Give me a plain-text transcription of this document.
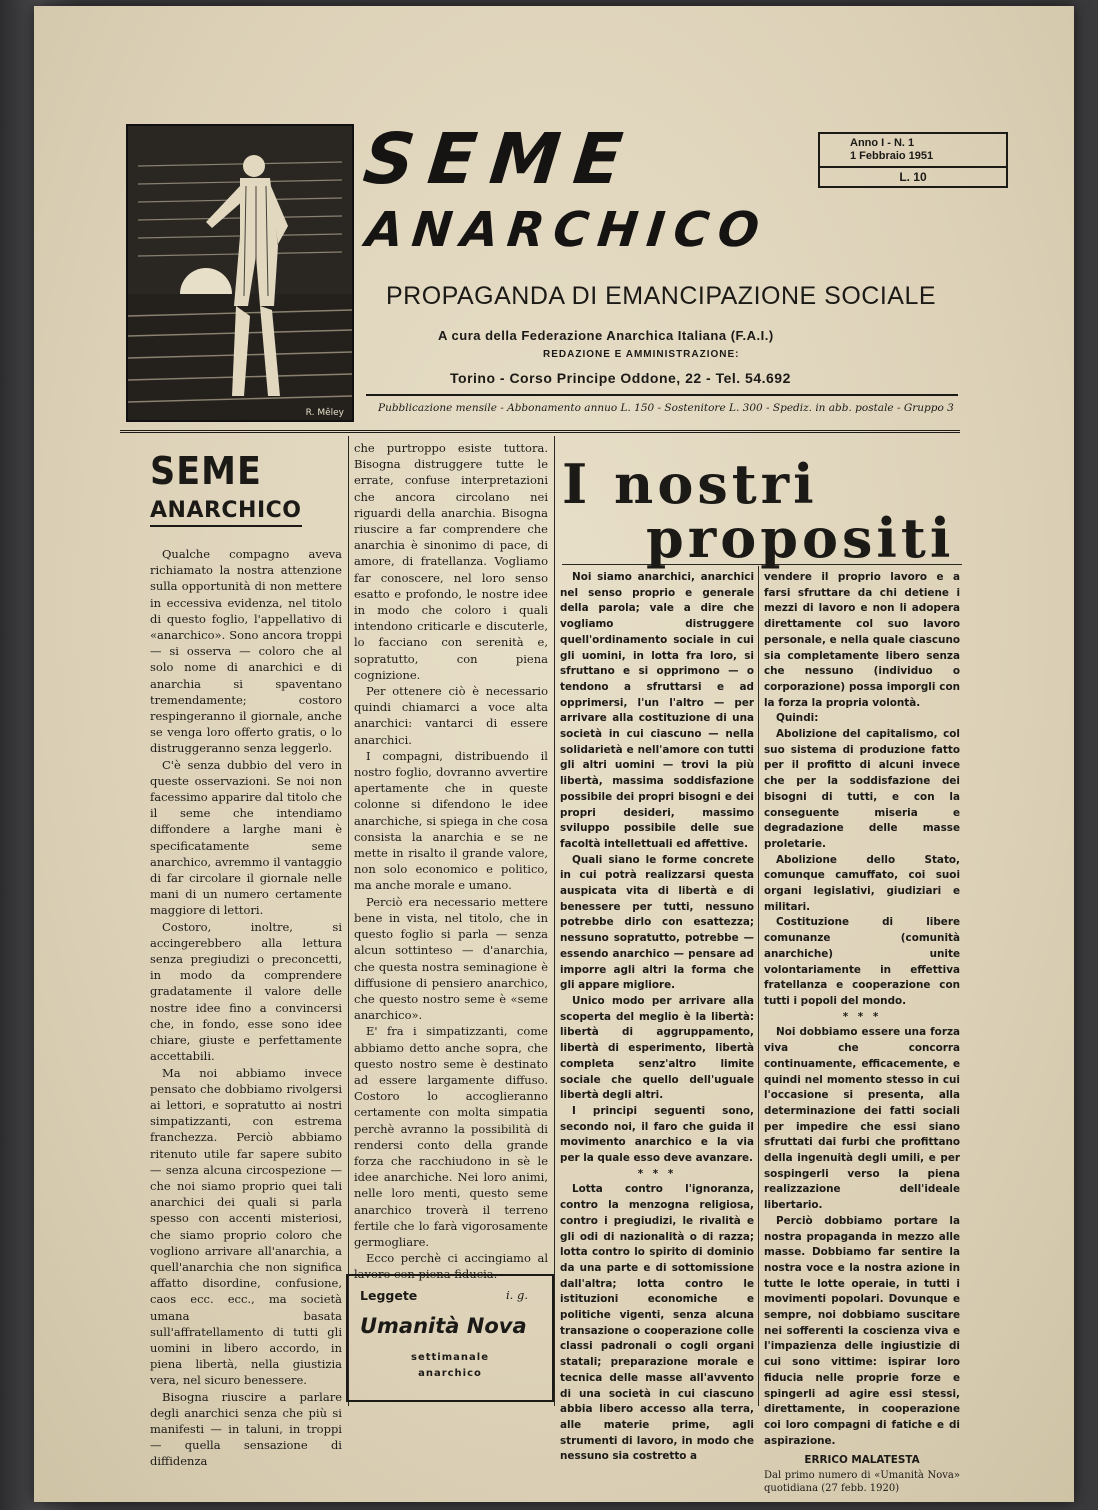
R. Mêley
SEME
ANARCHICO
PROPAGANDA DI EMANCIPAZIONE SOCIALE
A cura della Federazione Anarchica Italiana (F.A.I.)
REDAZIONE E AMMINISTRAZIONE:
Torino - Corso Principe Oddone, 22 - Tel. 54.692
Anno I - N. 1
1 Febbraio 1951
L. 10
Pubblicazione mensile - Abbonamento annuo L. 150 - Sostenitore L. 300 - Spediz. in abb. postale - Gruppo 3
SEME
ANARCHICO

Qualche compagno aveva richiamato la nostra attenzione sulla opportunità di non mettere in eccessiva evidenza, nel titolo di questo foglio, l'appellativo di «anarchico». Sono ancora troppi — si osserva — coloro che al solo nome di anarchici e di anarchia si spaventano tremendamente; costoro respingeranno il giornale, anche se venga loro offerto gratis, o lo distruggeranno senza leggerlo.

C'è senza dubbio del vero in queste osservazioni. Se noi non facessimo apparire dal titolo che il seme che intendiamo diffondere a larghe mani è specificatamente seme anarchico, avremmo il vantaggio di far circolare il giornale nelle mani di un numero certamente maggiore di lettori.

Costoro, inoltre, si accingerebbero alla lettura senza pregiudizi o preconcetti, in modo da comprendere gradatamente il valore delle nostre idee fino a convincersi che, in fondo, esse sono idee chiare, giuste e perfettamente accettabili.

Ma noi abbiamo invece pensato che dobbiamo rivolgersi ai lettori, e sopratutto ai nostri simpatizzanti, con estrema franchezza. Perciò abbiamo ritenuto utile far sapere subito — senza alcuna circospezione — che noi siamo proprio quei tali anarchici dei quali si parla spesso con accenti misteriosi, che siamo proprio coloro che vogliono arrivare all'anarchia, a quell'anarchia che non significa affatto disordine, confusione, caos ecc. ecc., ma società umana basata sull'affratellamento di tutti gli uomini in libero accordo, in piena libertà, nella giustizia vera, nel sicuro benessere.

Bisogna riuscire a parlare degli anarchici senza che più si manifesti — in taluni, in troppi — quella sensazione di diffidenza

che purtroppo esiste tuttora. Bisogna distruggere tutte le errate, confuse interpretazioni che ancora circolano nei riguardi della anarchia. Bisogna riuscire a far comprendere che anarchia è sinonimo di pace, di amore, di fratellanza. Vogliamo far conoscere, nel loro senso esatto e profondo, le nostre idee in modo che coloro i quali intendono criticarle e discuterle, lo facciano con serenità e, sopratutto, con piena cognizione.

Per ottenere ciò è necessario quindi chiamarci a voce alta anarchici: vantarci di essere anarchici.

I compagni, distribuendo il nostro foglio, dovranno avvertire apertamente che in queste colonne si difendono le idee anarchiche, si spiega in che cosa consista la anarchia e se ne mette in risalto il grande valore, non solo economico e politico, ma anche morale e umano.

Perciò era necessario mettere bene in vista, nel titolo, che in questo foglio si parla — senza alcun sottinteso — d'anarchia, che questa nostra seminagione è diffusione di pensiero anarchico, che questo nostro seme è «seme anarchico».

E' fra i simpatizzanti, come abbiamo detto anche sopra, che questo nostro seme è destinato ad essere largamente diffuso. Costoro lo accoglieranno certamente con molta simpatia perchè avranno la possibilità di rendersi conto della grande forza che racchiudono in sè le idee anarchiche. Nei loro animi, nelle loro menti, questo seme anarchico troverà il terreno fertile che lo farà vigorosamente germogliare.

Ecco perchè ci accingiamo al lavoro con piena fiducia.

i. g.

Leggete
Umanità Nova
settimanale
anarchico
I nostri
propositi

Noi siamo anarchici, anarchici nel senso proprio e generale della parola; vale a dire che vogliamo distruggere quell'ordinamento sociale in cui gli uomini, in lotta fra loro, si sfruttano e si opprimono — o tendono a sfruttarsi e ad opprimersi, l'un l'altro — per arrivare alla costituzione di una società in cui ciascuno — nella solidarietà e nell'amore con tutti gli altri uomini — trovi la più libertà, massima soddisfazione possibile dei propri bisogni e dei propri desideri, massimo sviluppo possibile delle sue facoltà intellettuali ed affettive.

Quali siano le forme concrete in cui potrà realizzarsi questa auspicata vita di libertà e di benessere per tutti, nessuno potrebbe dirlo con esattezza; nessuno sopratutto, potrebbe — essendo anarchico — pensare ad imporre agli altri la forma che gli appare migliore.

Unico modo per arrivare alla scoperta del meglio è la libertà: libertà di aggruppamento, libertà di esperimento, libertà completa senz'altro limite sociale che quello dell'uguale libertà degli altri.

I principi seguenti sono, secondo noi, il faro che guida il movimento anarchico e la via per la quale esso deve avanzare.

* * *

Lotta contro l'ignoranza, contro la menzogna religiosa, contro i pregiudizi, le rivalità e gli odi di nazionalità o di razza; lotta contro lo spirito di dominio da una parte e di sottomissione dall'altra; lotta contro le istituzioni economiche e politiche vigenti, senza alcuna transazione o cooperazione colle classi padronali o cogli organi statali; preparazione morale e tecnica delle masse all'avvento di una società in cui ciascuno abbia libero accesso alla terra, alle materie prime, agli strumenti di lavoro, in modo che nessuno sia costretto a

vendere il proprio lavoro e a farsi sfruttare da chi detiene i mezzi di lavoro e non li adopera direttamente col suo lavoro personale, e nella quale ciascuno sia completamente libero senza che nessuno (individuo o corporazione) possa imporgli con la forza la propria volontà.

Quindi:

Abolizione del capitalismo, col suo sistema di produzione fatto per il profitto di alcuni invece che per la soddisfazione dei bisogni di tutti, e con la conseguente miseria e degradazione delle masse proletarie.

Abolizione dello Stato, comunque camuffato, coi suoi organi legislativi, giudiziari e militari.

Costituzione di libere comunanze (comunità anarchiche) unite volontariamente in effettiva fratellanza e cooperazione con tutti i popoli del mondo.

* * *

Noi dobbiamo essere una forza viva che concorra continuamente, efficacemente, e quindi nel momento stesso in cui l'occasione si presenta, alla determinazione dei fatti sociali per impedire che essi siano sfruttati dai furbi che profittano della ingenuità degli umili, e per sospingerli verso la piena realizzazione dell'ideale libertario.

Perciò dobbiamo portare la nostra propaganda in mezzo alle masse. Dobbiamo far sentire la nostra voce e la nostra azione in tutte le lotte operaie, in tutti i movimenti popolari. Dovunque e sempre, noi dobbiamo suscitare nei sofferenti la coscienza viva e l'impazienza delle ingiustizie di cui sono vittime: ispirar loro fiducia nelle proprie forze e spingerli ad agire essi stessi, direttamente, in cooperazione coi loro compagni di fatiche e di aspirazione.

ERRICO MALATESTA

Dal primo numero di «Umanità Nova» quotidiana (27 febb. 1920)
